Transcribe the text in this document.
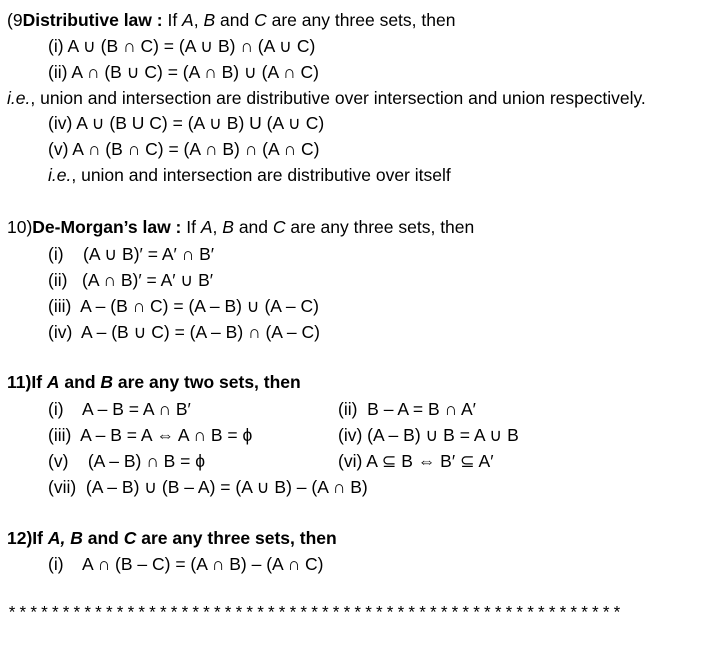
(9Distributive law : If A, B and C are any three sets, then
(i) A ∪ (B ∩ C) = (A ∪ B) ∩ (A ∪ C)
(ii) A ∩ (B ∪ C) = (A ∩ B) ∪ (A ∩ C)
i.e., union and intersection are distributive over intersection and union respectively.
(iv) A ∪ (B U C) = (A ∪ B) U (A ∪ C)
(v) A ∩ (B ∩ C) = (A ∩ B) ∩ (A ∩ C)
i.e., union and intersection are distributive over itself
10)De-Morgan’s law : If A, B and C are any three sets, then
(i)    (A ∪ B)′ = A′ ∩ B′
(ii)   (A ∩ B)′ = A′ ∪ B′
(iii)  A – (B ∩ C) = (A – B) ∪ (A – C)
(iv)  A – (B ∪ C) = (A – B) ∩ (A – C)
11)If A and B are any two sets, then
(i)    A – B = A ∩ B′	(ii)  B – A = B ∩ A′
(iii)  A – B = A ⇔ A ∩ B = ϕ	(iv) (A – B) ∪ B = A ∪ B
(v)    (A – B) ∩ B = ϕ	(vi) A ⊆ B ⇔ B′ ⊆ A′
(vii)  (A – B) ∪ (B – A) = (A ∪ B) – (A ∩ B)
12)If A, B and C are any three sets, then
(i)    A ∩ (B – C) = (A ∩ B) – (A ∩ C)
*********************************************************
